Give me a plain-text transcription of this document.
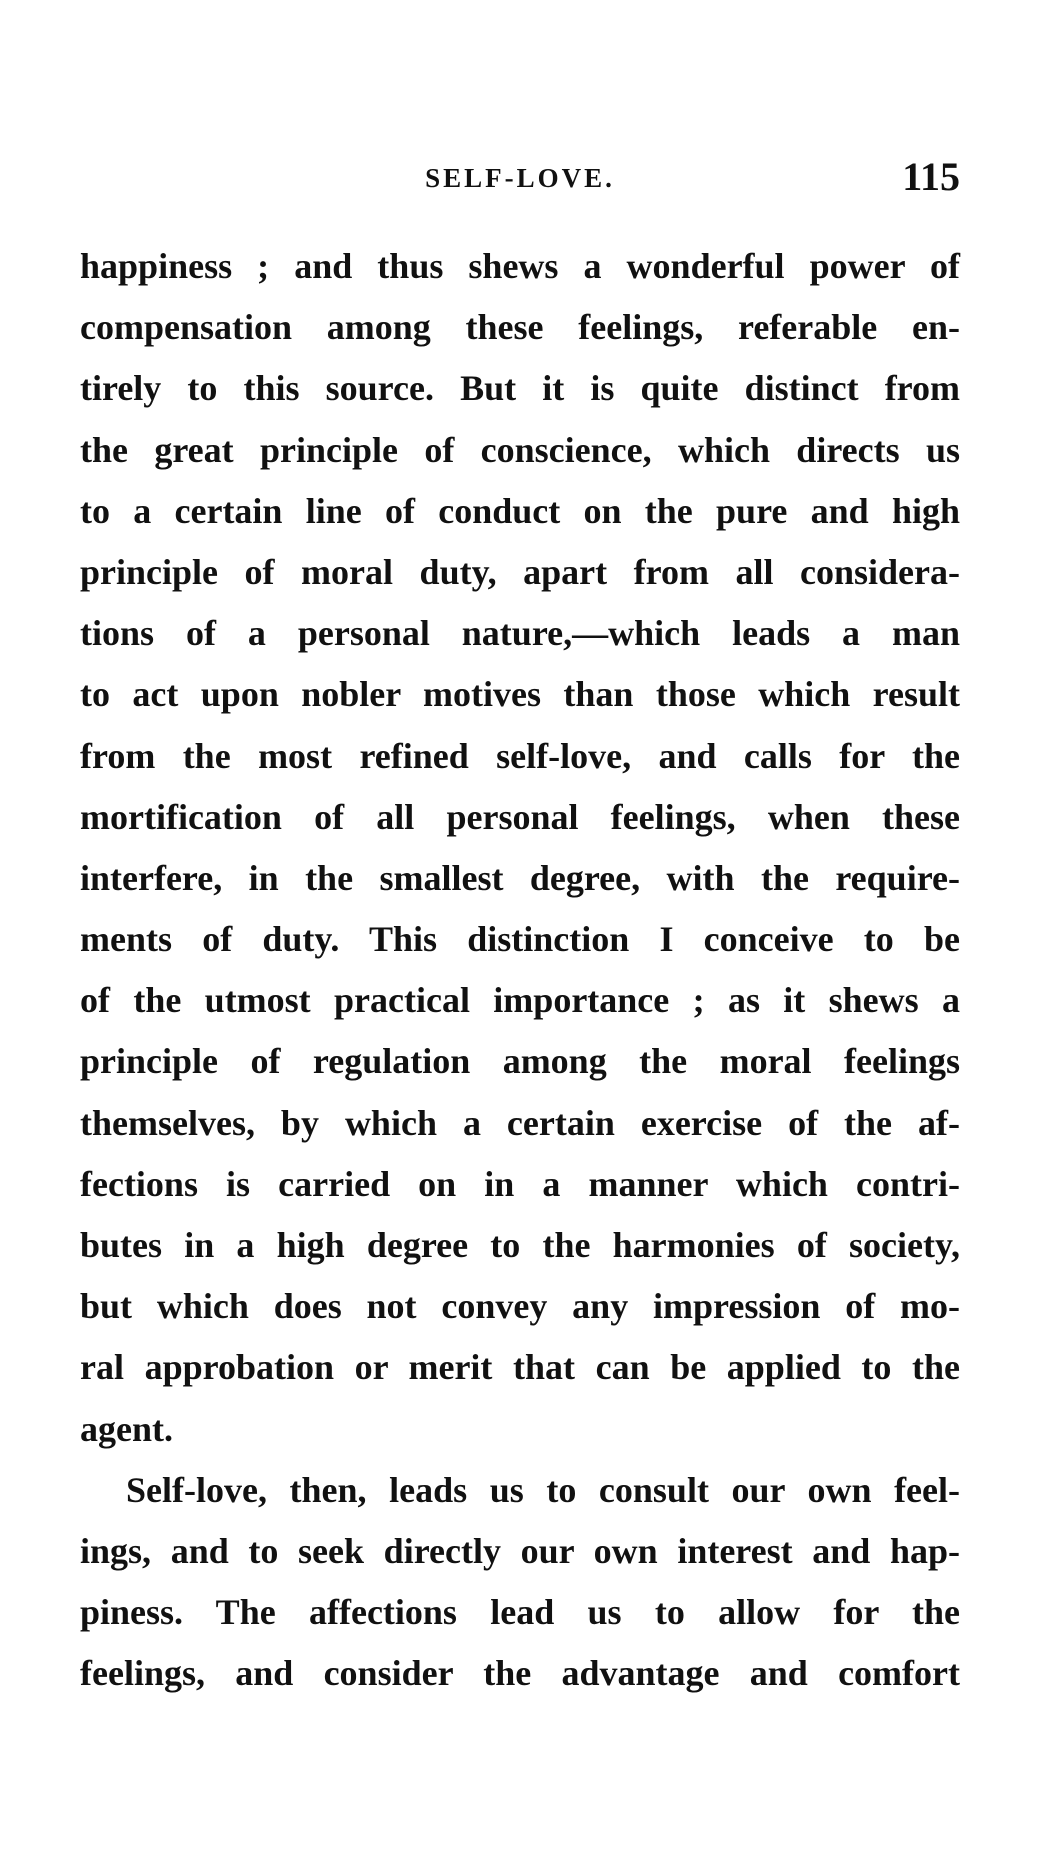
SELF-LOVE.	115
happiness ; and thus shews a wonderful power of
compensation among these feelings, referable en-
tirely to this source. But it is quite distinct from
the great principle of conscience, which directs us
to a certain line of conduct on the pure and high
principle of moral duty, apart from all considera-
tions of a personal nature,—which leads a man
to act upon nobler motives than those which result
from the most refined self-love, and calls for the
mortification of all personal feelings, when these
interfere, in the smallest degree, with the require-
ments of duty. This distinction I conceive to be
of the utmost practical importance ; as it shews a
principle of regulation among the moral feelings
themselves, by which a certain exercise of the af-
fections is carried on in a manner which contri-
butes in a high degree to the harmonies of society,
but which does not convey any impression of mo-
ral approbation or merit that can be applied to the
agent.
Self-love, then, leads us to consult our own feel-
ings, and to seek directly our own interest and hap-
piness. The affections lead us to allow for the
feelings, and consider the advantage and comfort
